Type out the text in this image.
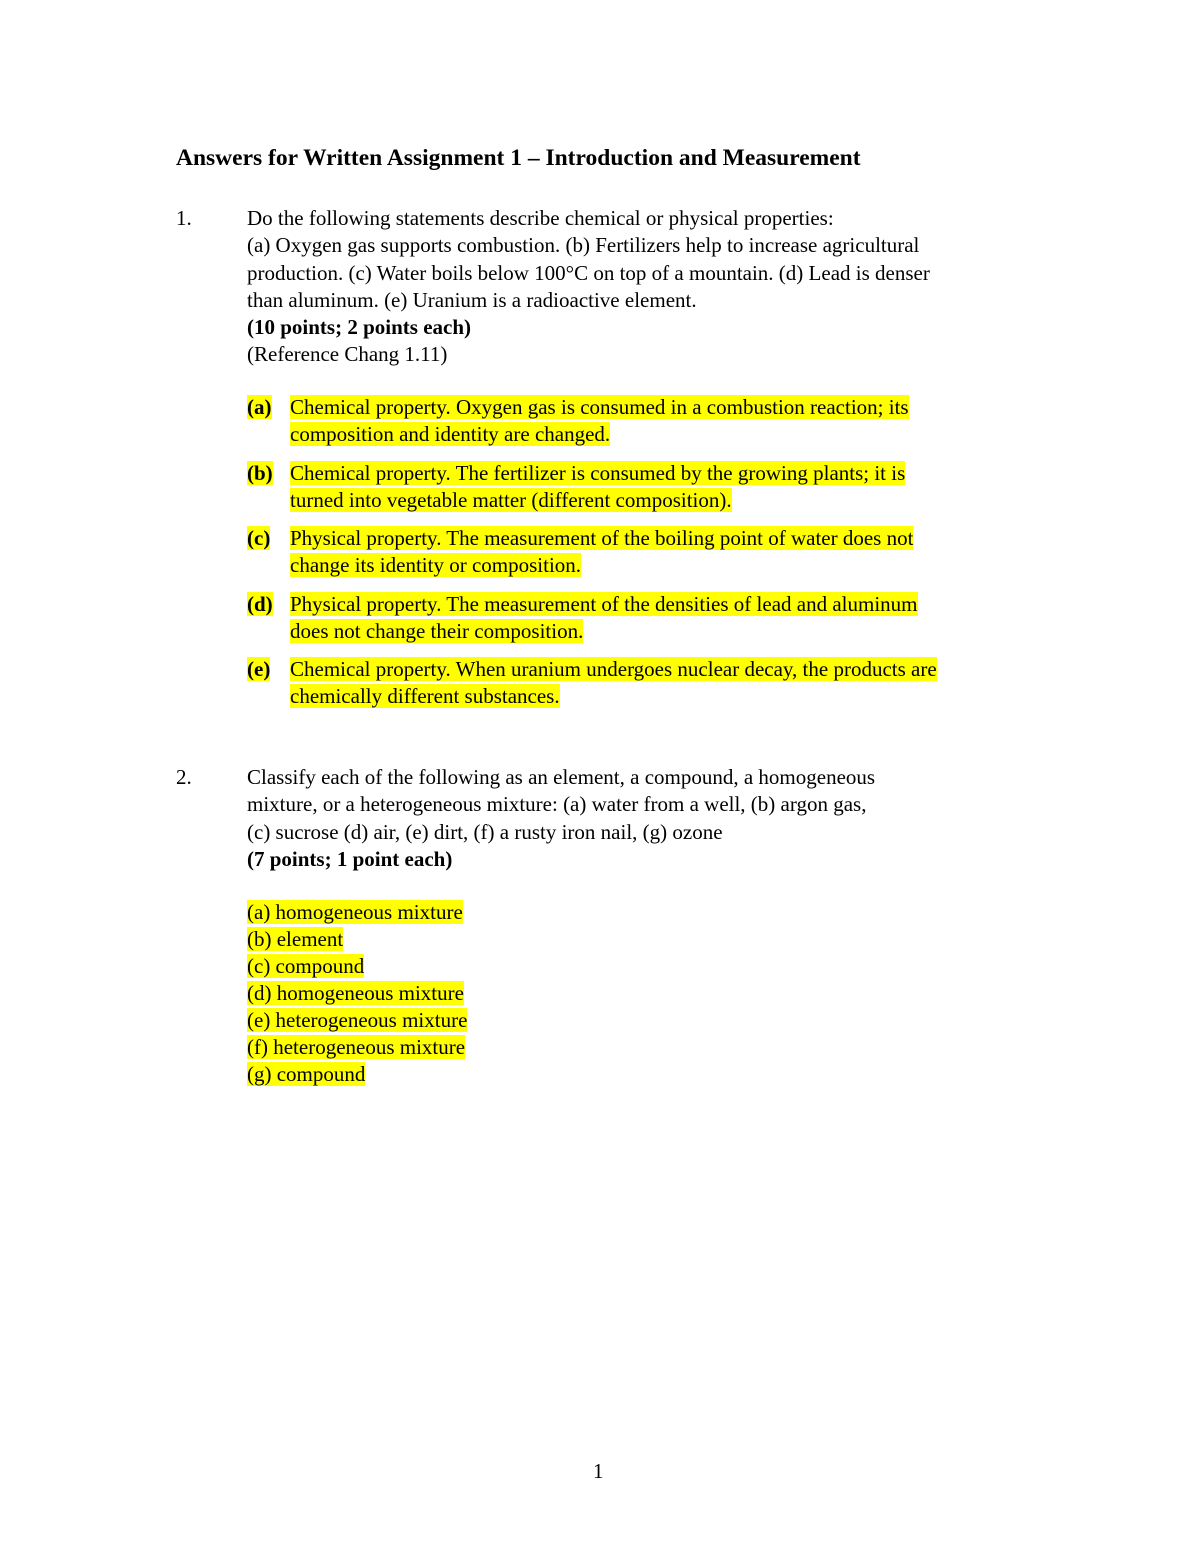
Answers for Written Assignment 1 – Introduction and Measurement
1.	Do the following statements describe chemical or physical properties:
(a) Oxygen gas supports combustion. (b) Fertilizers help to increase agricultural
production. (c) Water boils below 100°C on top of a mountain. (d) Lead is denser
than aluminum. (e) Uranium is a radioactive element.
(10 points; 2 points each)
(Reference Chang 1.11)
(a) Chemical property. Oxygen gas is consumed in a combustion reaction; its
composition and identity are changed.
(b) Chemical property. The fertilizer is consumed by the growing plants; it is
turned into vegetable matter (different composition).
(c) Physical property. The measurement of the boiling point of water does not
change its identity or composition.
(d) Physical property. The measurement of the densities of lead and aluminum
does not change their composition.
(e) Chemical property. When uranium undergoes nuclear decay, the products are
chemically different substances.
2.	Classify each of the following as an element, a compound, a homogeneous
mixture, or a heterogeneous mixture: (a) water from a well, (b) argon gas,
(c) sucrose (d) air, (e) dirt, (f) a rusty iron nail, (g) ozone
(7 points; 1 point each)
(a) homogeneous mixture
(b) element
(c) compound
(d) homogeneous mixture
(e) heterogeneous mixture
(f) heterogeneous mixture
(g) compound
1
